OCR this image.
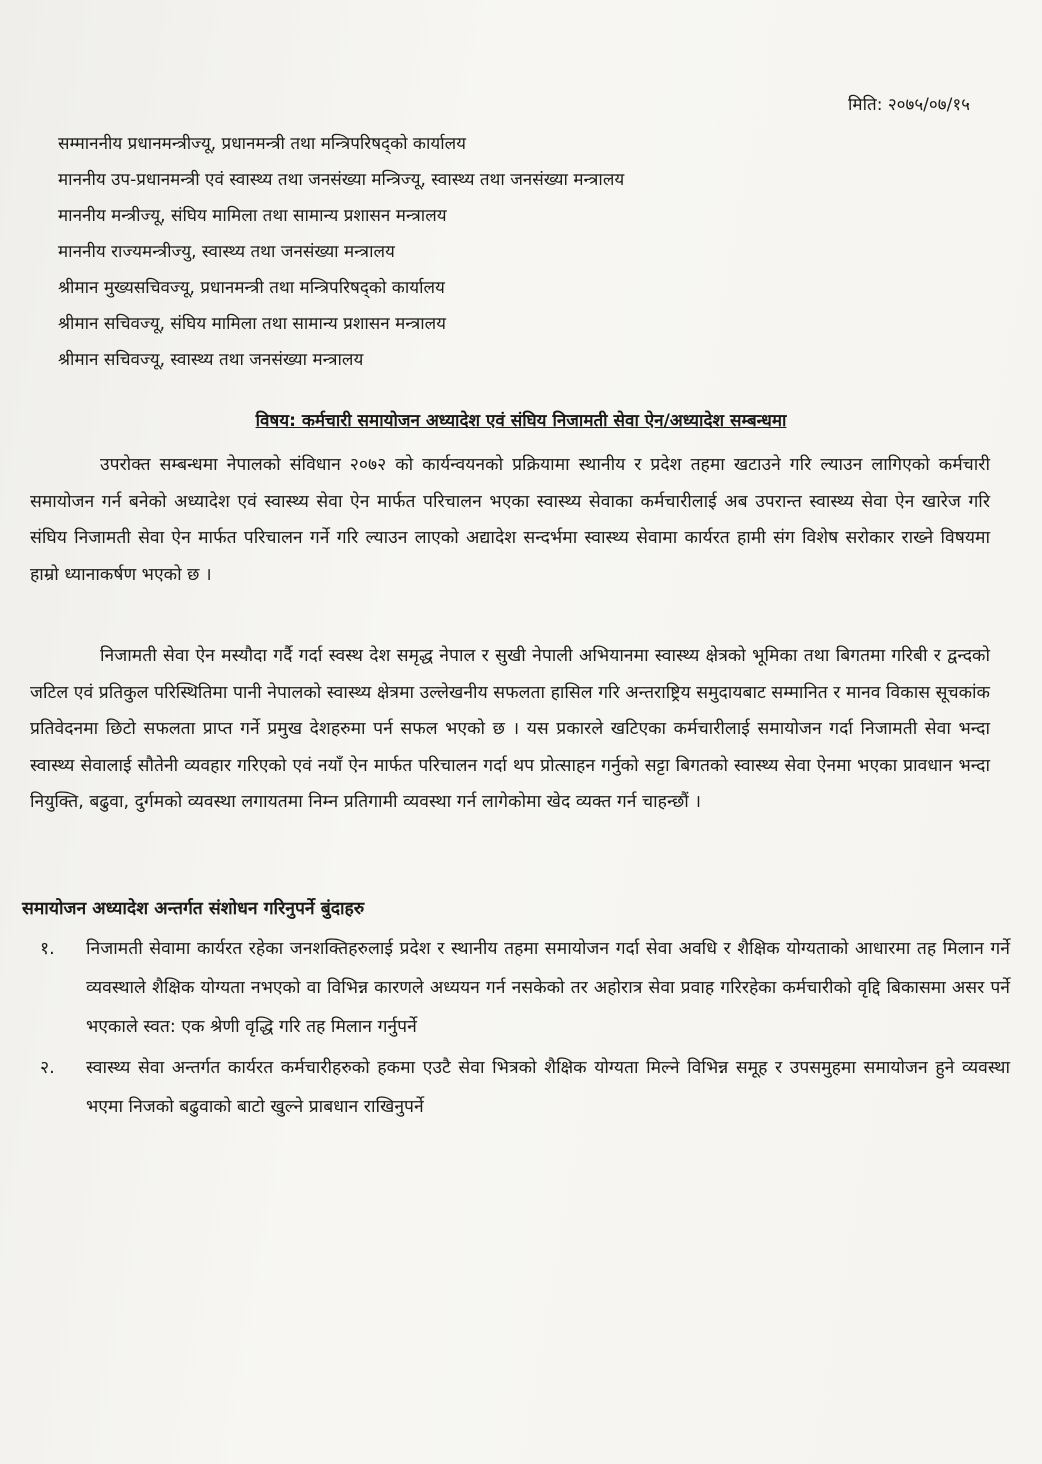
मिति: २०७५/०७/१५
सम्माननीय प्रधानमन्त्रीज्यू, प्रधानमन्त्री तथा मन्त्रिपरिषद्को कार्यालय
माननीय उप-प्रधानमन्त्री एवं स्वास्थ्य तथा जनसंख्या मन्त्रिज्यू, स्वास्थ्य तथा जनसंख्या मन्त्रालय
माननीय मन्त्रीज्यू, संघिय मामिला तथा सामान्य प्रशासन मन्त्रालय
माननीय राज्यमन्त्रीज्यु, स्वास्थ्य तथा जनसंख्या मन्त्रालय
श्रीमान मुख्यसचिवज्यू, प्रधानमन्त्री तथा मन्त्रिपरिषद्को कार्यालय
श्रीमान सचिवज्यू, संघिय मामिला तथा सामान्य प्रशासन मन्त्रालय
श्रीमान सचिवज्यू, स्वास्थ्य तथा जनसंख्या मन्त्रालय
विषय: कर्मचारी समायोजन अध्यादेश एवं संघिय निजामती सेवा ऐन/अध्यादेश सम्बन्धमा
उपरोक्त सम्बन्धमा नेपालको संविधान २०७२ को कार्यन्वयनको प्रक्रियामा स्थानीय र प्रदेश तहमा खटाउने गरि ल्याउन लागिएको कर्मचारी समायोजन गर्न बनेको अध्यादेश एवं स्वास्थ्य सेवा ऐन मार्फत परिचालन भएका स्वास्थ्य सेवाका कर्मचारीलाई अब उपरान्त स्वास्थ्य सेवा ऐन खारेज गरि संघिय निजामती सेवा ऐन मार्फत परिचालन गर्ने गरि ल्याउन लाएको अद्यादेश सन्दर्भमा स्वास्थ्य सेवामा कार्यरत हामी संग विशेष सरोकार राख्ने विषयमा हाम्रो ध्यानाकर्षण भएको छ ।
निजामती सेवा ऐन मस्यौदा गर्दै गर्दा स्वस्थ देश समृद्ध नेपाल र सुखी नेपाली अभियानमा स्वास्थ्य क्षेत्रको भूमिका तथा बिगतमा गरिबी र द्वन्दको जटिल एवं प्रतिकुल परिस्थितिमा पानी नेपालको स्वास्थ्य क्षेत्रमा उल्लेखनीय सफलता हासिल गरि अन्तराष्ट्रिय समुदायबाट सम्मानित र मानव विकास सूचकांक प्रतिवेदनमा छिटो सफलता प्राप्त गर्ने प्रमुख देशहरुमा पर्न सफल भएको छ । यस प्रकारले खटिएका कर्मचारीलाई समायोजन गर्दा निजामती सेवा भन्दा स्वास्थ्य सेवालाई सौतेनी व्यवहार गरिएको एवं नयाँ ऐन मार्फत परिचालन गर्दा थप प्रोत्साहन गर्नुको सट्टा बिगतको स्वास्थ्य सेवा ऐनमा भएका प्रावधान भन्दा नियुक्ति, बढुवा, दुर्गमको व्यवस्था लगायतमा निम्न प्रतिगामी व्यवस्था गर्न लागेकोमा खेद व्यक्त गर्न चाहन्छौं ।
समायोजन अध्यादेश अन्तर्गत संशोधन गरिनुपर्ने बुंदाहरु
१.	निजामती सेवामा कार्यरत रहेका जनशक्तिहरुलाई प्रदेश र स्थानीय तहमा समायोजन गर्दा सेवा अवधि र शैक्षिक योग्यताको आधारमा तह मिलान गर्ने व्यवस्थाले शैक्षिक योग्यता नभएको वा विभिन्न कारणले अध्ययन गर्न नसकेको तर अहोरात्र सेवा प्रवाह गरिरहेका कर्मचारीको वृद्दि बिकासमा असर पर्ने भएकाले स्वत: एक श्रेणी वृद्धि गरि तह मिलान गर्नुपर्ने
२.	स्वास्थ्य सेवा अन्तर्गत कार्यरत कर्मचारीहरुको हकमा एउटै सेवा भित्रको शैक्षिक योग्यता मिल्ने विभिन्न समूह र उपसमुहमा समायोजन हुने व्यवस्था भएमा निजको बढुवाको बाटो खुल्ने प्राबधान राखिनुपर्ने
